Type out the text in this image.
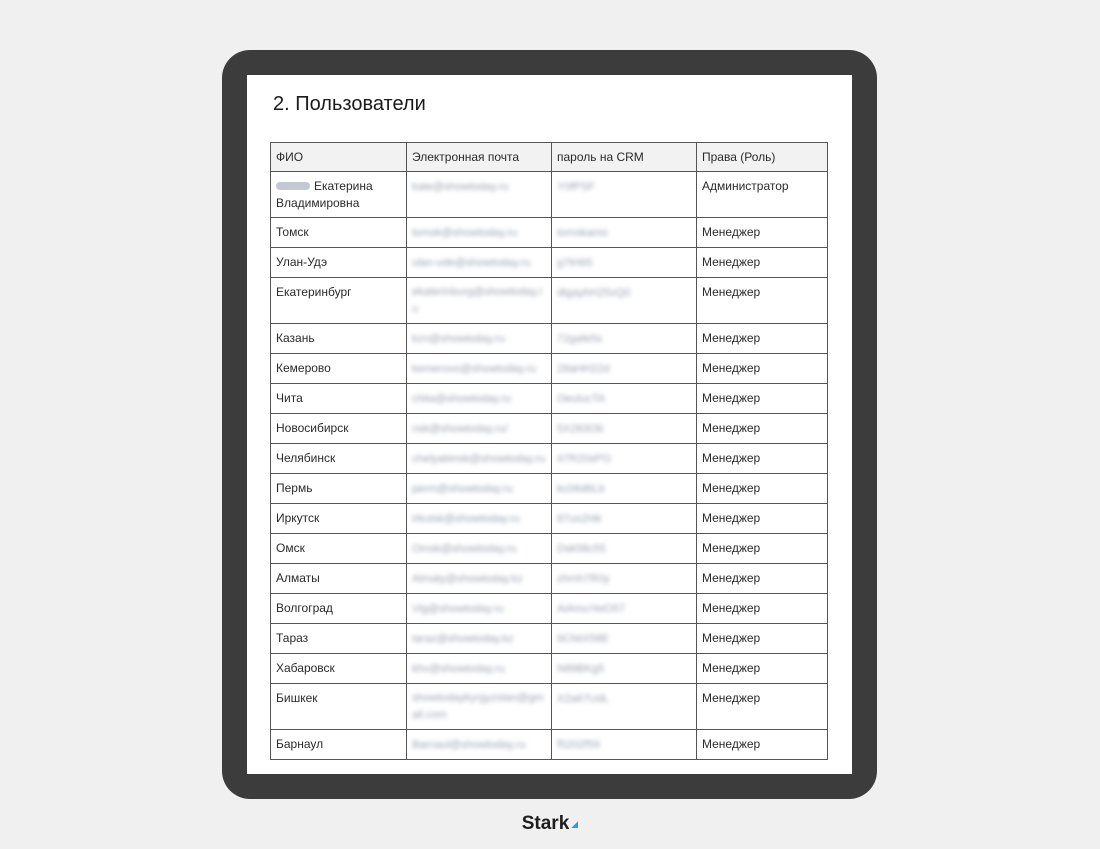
2. Пользователи
ФИО	Электронная почта	пароль на CRM	Права (Роль)
Екатерина Владимировна	kate@showtoday.ru	Y0fPSF	Администратор
Томск	tomsk@showtoday.ru	tomskamo	Менеджер
Улан-Удэ	ulan-ude@showtoday.ru	g7tH65	Менеджер
Екатеринбург	ekaterinburg@showtoday.ru	dtgayhH25xQ0	Менеджер
Казань	kzn@showtoday.ru	72gafe5s	Менеджер
Кемерово	kemerovo@showtoday.ru	28aHH22d	Менеджер
Чита	chita@showtoday.ru	OeulucTA	Менеджер
Новосибирск	nsk@showtoday.ru/	5X283Ob	Менеджер
Челябинск	chelyabinsk@showtoday.ru	47R20sPO	Менеджер
Пермь	perm@showtoday.ru	kc06d6Lb	Менеджер
Иркутск	irkutsk@showtoday.ru	87us2htk	Менеджер
Омск	Omsk@showtoday.ru	Dsk58c55	Менеджер
Алматы	Almaty@showtoday.kz	zhmh7R0y	Менеджер
Волгоград	Vlg@showtoday.ru	AiAmuYeiO57	Менеджер
Тараз	taraz@showtoday.kz	9CNtX58E	Менеджер
Хабаровск	khv@showtoday.ru	N89BKg5	Менеджер
Бишкек	showtodaykyrgyzstan@gmail.com	X2a67UdL	Менеджер
Барнаул	Barnaul@showtoday.ru	f5202f59	Менеджер
Stark
